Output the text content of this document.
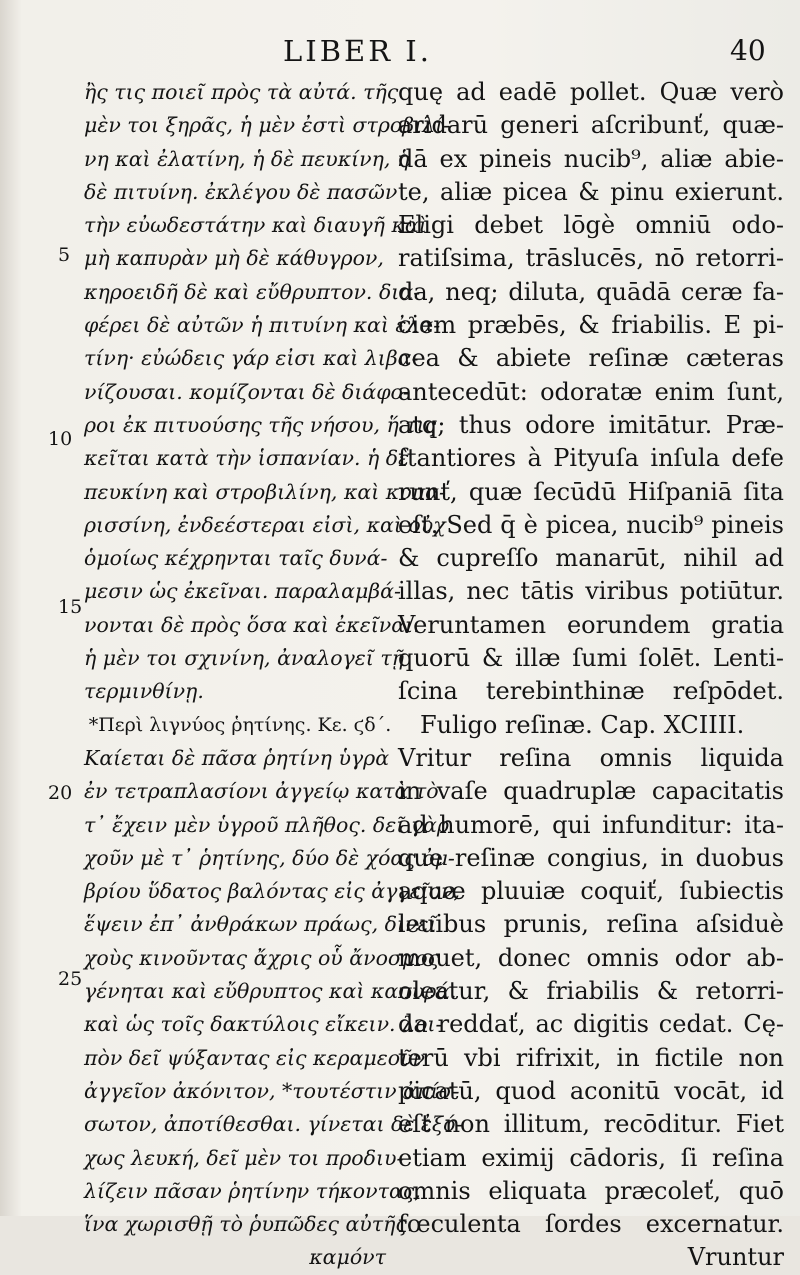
LIBER I.	40
5
10
15
20
25
ἢς τις ποιεῖ πρὸς τὰ αὐτά. τῆς
μὲν τοι ξηρᾶς, ἡ μὲν ἐστὶ στροβιλί-
νη καὶ ἐλατίνη, ἡ δὲ πευκίνη, ἡ
δὲ πιτυίνη. ἐκλέγου δὲ πασῶν
τὴν εὐωδεστάτην καὶ διαυγῆ καὶ
μὴ καπυρὰν μὴ δὲ κάθυγρον,
κηροειδῆ δὲ καὶ εὔθρυπτον. δια-
φέρει δὲ αὐτῶν ἡ πιτυίνη καὶ ἐλα-
τίνη· εὐώδεις γάρ εἰσι καὶ λιβα-
νίζουσαι. κομίζονται δὲ διάφο-
ροι ἐκ πιτυούσης τῆς νήσου, ἥ τις
κεῖται κατὰ τὴν ἱσπανίαν. ἡ δὲ
πευκίνη καὶ στροβιλίνη, καὶ κυπα-
ρισσίνη, ἐνδεέστεραι εἰσὶ, καὶ οὐχ
ὁμοίως κέχρηνται ταῖς δυνά-
μεσιν ὡς ἐκεῖναι. παραλαμβά-
νονται δὲ πρὸς ὅσα καὶ ἐκεῖναι.
ἡ μὲν τοι σχινίνη, ἀναλογεῖ τῇ
τερμινθίνῃ.
*Περὶ λιγνύος ῥητίνης. Κε. ϛδ΄.
Καίεται δὲ πᾶσα ῥητίνη ὑγρὰ
ἐν τετραπλασίονι ἀγγείῳ κατὰ τὸ
τ᾽ ἔχειν μὲν ὑγροῦ πλῆθος. δεῖ γὰρ
χοῦν μὲ τ᾽ ῥητίνης, δύο δὲ χόας ὀμ-
βρίου ὕδατος βαλόντας εἰς ἀγγεῖον,
ἕψειν ἐπ᾽ ἀνθράκων πράως, δινεῖ
χοὺς κινοῦντας ἄχρις οὗ ἄνοσμος
γένηται καὶ εὔθρυπτος καὶ καπυρά.
καὶ ὡς τοῖς δακτύλοις εἴκειν. λοι-
πὸν δεῖ ψύξαντας εἰς κεραμεοῦν
ἀγγεῖον ἀκόνιτον, *τουτέστιν ἀπίσ-
σωτον, ἀποτίθεσθαι. γίνεται δὲ ἐξό-
χως λευκή, δεῖ μὲν τοι προδιυ-
λίζειν πᾶσαν ῥητίνην τήκοντας,
ἵνα χωρισθῇ τὸ ῥυπῶδες αὐτῆς.
καμόντ
quę ad eadē pollet. Quæ verò
aridarū generi aſcribunť, quæ-
dā ex pineis nucib⁹, aliæ abie-
te, aliæ picea & pinu exierunt.
Eligi debet lōgè omniū odo-
ratiſsima, trāslucēs, nō retorri-
da, neq; diluta, quādā ceræ fa-
ciem præbēs, & friabilis. E pi-
cea & abiete reſinæ cæteras
antecedūt: odoratæ enim ſunt,
atq; thus odore imitātur. Præ-
ſtantiores à Pityuſa inſula defe
runť, quæ ſecūdū Hiſpaniā ſita
eſt. Sed q̄ è picea, nucib⁹ pineis
& cupreſſo manarūt, nihil ad
illas, nec tātis viribus potiūtur.
Veruntamen eorundem gratia
quorū & illæ ſumi ſolēt. Lenti-
ſcina terebinthinæ reſpōdet.
Fuligo reſinæ. Cap. XCIIII.
Vritur reſina omnis liquida
in vaſe quadruplæ capacitatis
ad humorē, qui infunditur: ita-
que reſinæ congius, in duobus
aquæ pluuiæ coquiť, ſubiectis
leuibus prunis, reſina aſsiduè
mouet, donec omnis odor ab-
oleatur, & friabilis & retorri-
da reddať, ac digitis cedat. Cę-
terū vbi rifrixit, in fictile non
picatū, quod aconitū vocāt, id
eſt non illitum, recōditur. Fiet
etiam eximij cādoris, ſi reſina
omnis eliquata præcoleť, quō
fœculenta ſordes excernatur.
Vruntur
